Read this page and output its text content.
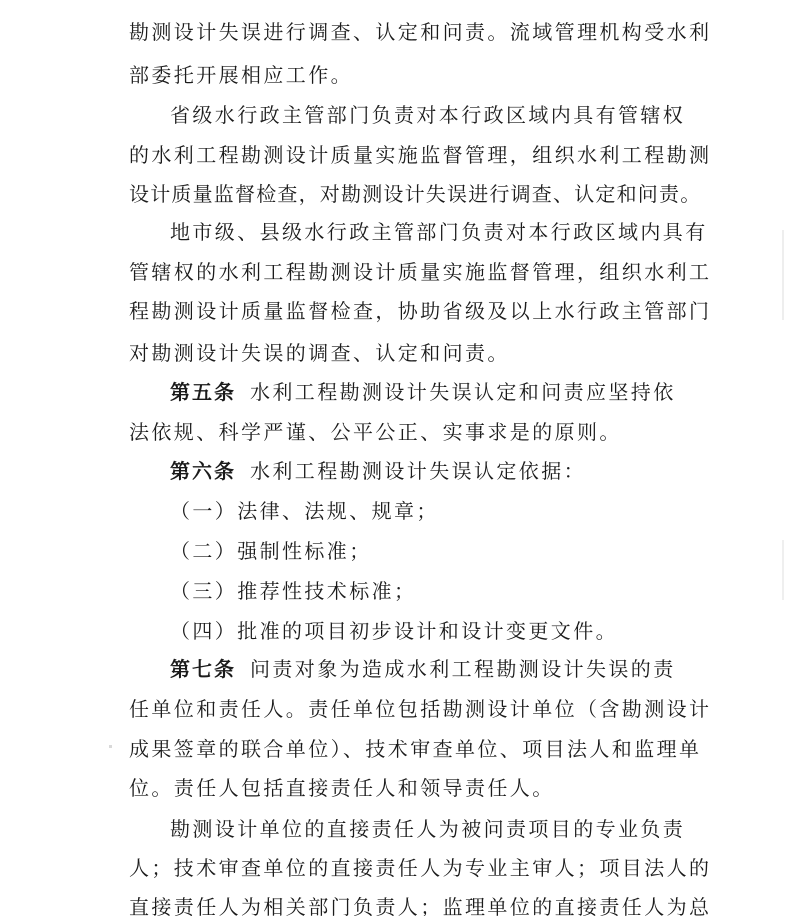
勘测设计失误进行调查、认定和问责。流域管理机构受水利
部委托开展相应工作。
省级水行政主管部门负责对本行政区域内具有管辖权
的水利工程勘测设计质量实施监督管理，组织水利工程勘测
设计质量监督检查，对勘测设计失误进行调查、认定和问责。
地市级、县级水行政主管部门负责对本行政区域内具有
管辖权的水利工程勘测设计质量实施监督管理，组织水利工
程勘测设计质量监督检查，协助省级及以上水行政主管部门
对勘测设计失误的调查、认定和问责。
第五条 水利工程勘测设计失误认定和问责应坚持依
法依规、科学严谨、公平公正、实事求是的原则。
第六条 水利工程勘测设计失误认定依据：
（一）法律、法规、规章；
（二）强制性标准；
（三）推荐性技术标准；
（四）批准的项目初步设计和设计变更文件。
第七条 问责对象为造成水利工程勘测设计失误的责
任单位和责任人。责任单位包括勘测设计单位（含勘测设计
成果签章的联合单位）、技术审查单位、项目法人和监理单
位。责任人包括直接责任人和领导责任人。
勘测设计单位的直接责任人为被问责项目的专业负责
人；技术审查单位的直接责任人为专业主审人；项目法人的
直接责任人为相关部门负责人；监理单位的直接责任人为总
